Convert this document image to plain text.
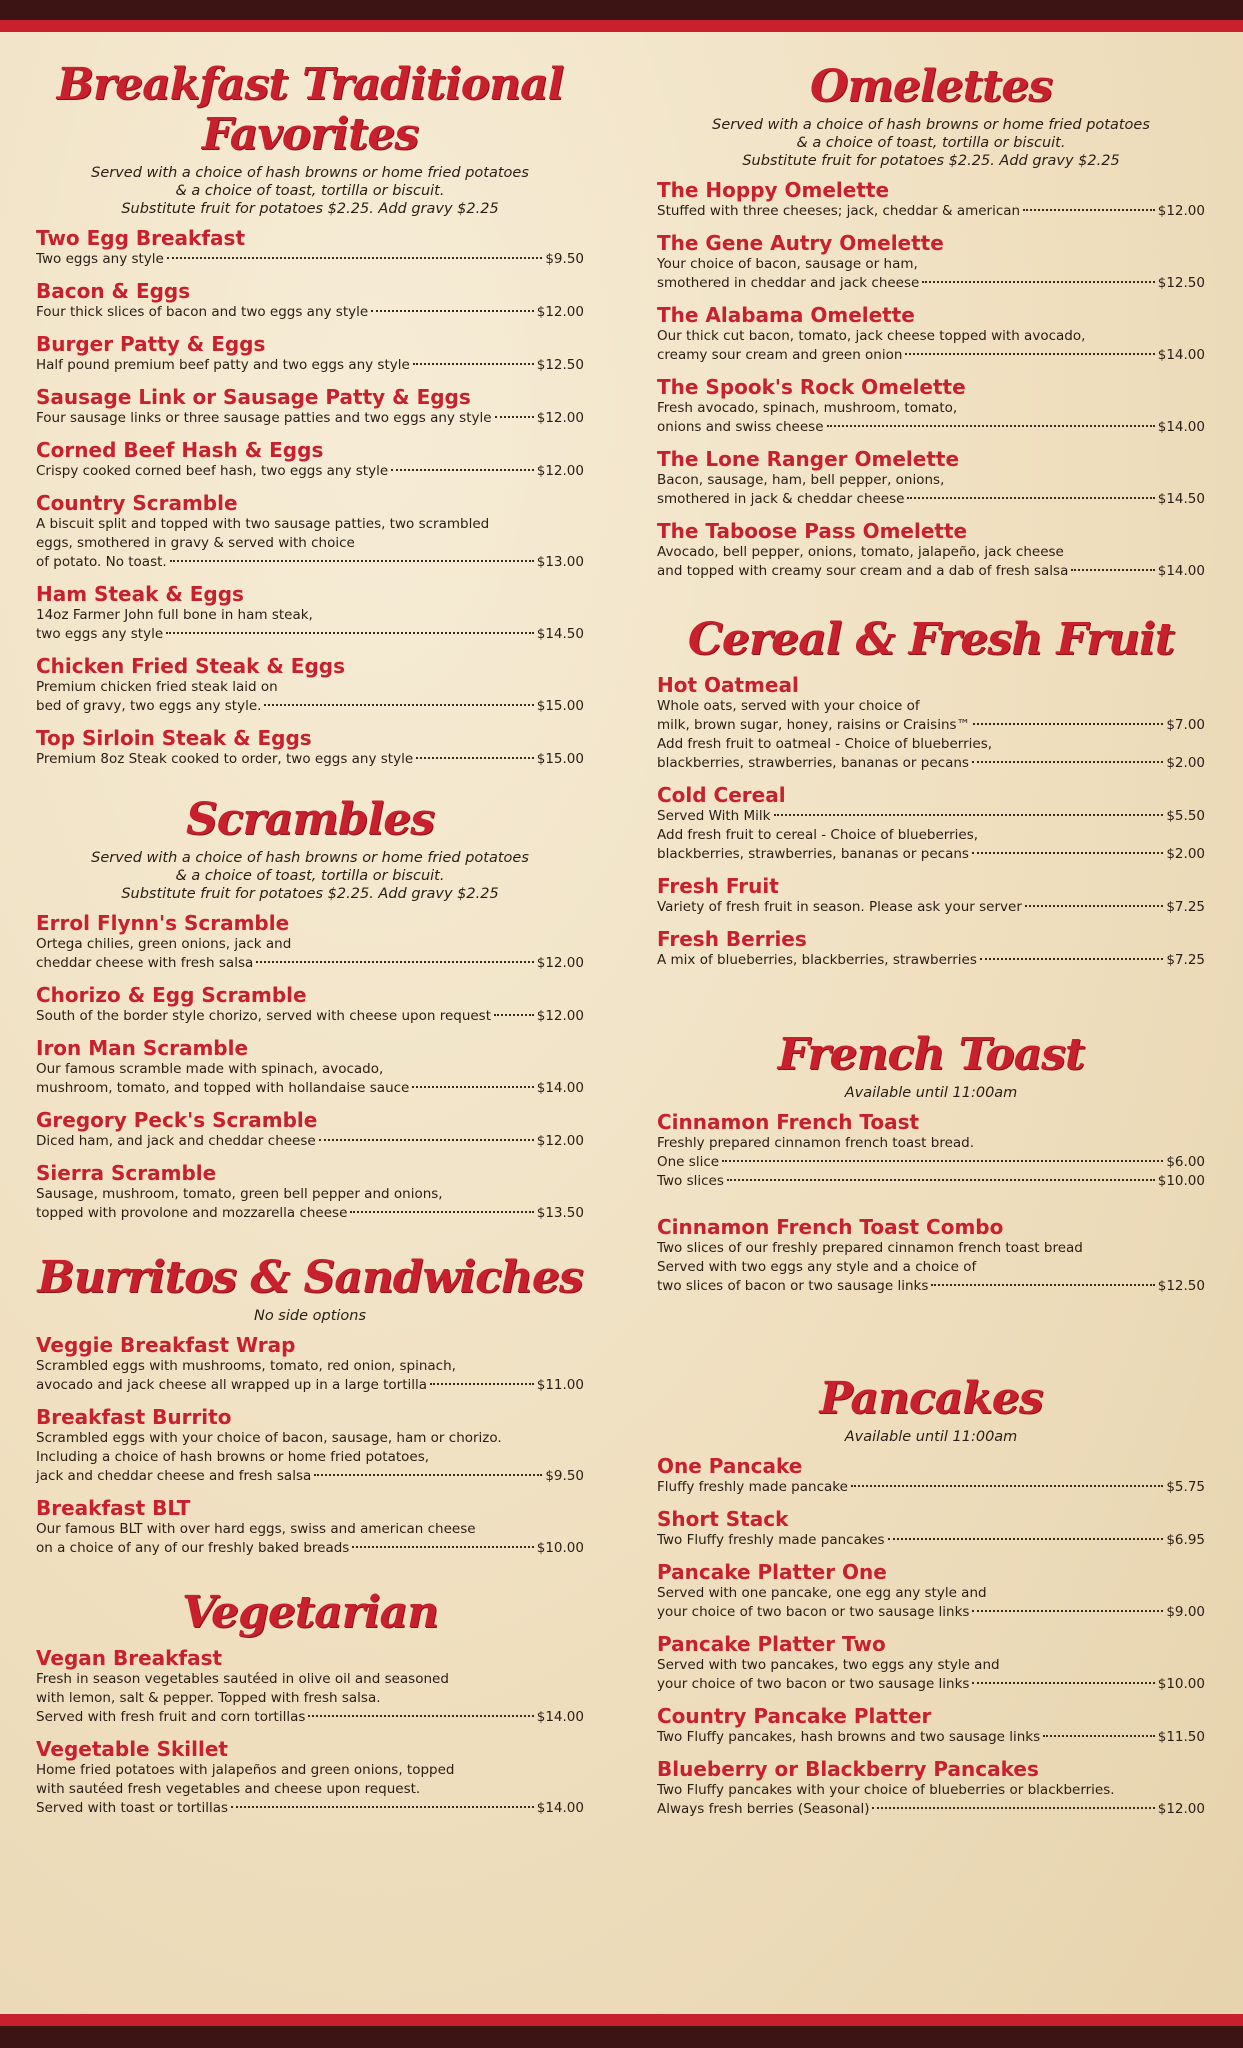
Breakfast Traditional
Favorites

Served with a choice of hash browns or home fried potatoes
& a choice of toast, tortilla or biscuit.
Substitute fruit for potatoes $2.25. Add gravy $2.25

Two Egg Breakfast
Two eggs any style	$9.50
Bacon & Eggs
Four thick slices of bacon and two eggs any style	$12.00
Burger Patty & Eggs
Half pound premium beef patty and two eggs any style	$12.50
Sausage Link or Sausage Patty & Eggs
Four sausage links or three sausage patties and two eggs any style	$12.00
Corned Beef Hash & Eggs
Crispy cooked corned beef hash, two eggs any style	$12.00
Country Scramble
A biscuit split and topped with two sausage patties, two scrambled
eggs, smothered in gravy & served with choice
of potato. No toast.	$13.00
Ham Steak & Eggs
14oz Farmer John full bone in ham steak,
two eggs any style	$14.50
Chicken Fried Steak & Eggs
Premium chicken fried steak laid on
bed of gravy, two eggs any style.	$15.00
Top Sirloin Steak & Eggs
Premium 8oz Steak cooked to order, two eggs any style	$15.00
Scrambles

Served with a choice of hash browns or home fried potatoes
& a choice of toast, tortilla or biscuit.
Substitute fruit for potatoes $2.25. Add gravy $2.25

Errol Flynn's Scramble
Ortega chilies, green onions, jack and
cheddar cheese with fresh salsa	$12.00
Chorizo & Egg Scramble
South of the border style chorizo, served with cheese upon request	$12.00
Iron Man Scramble
Our famous scramble made with spinach, avocado,
mushroom, tomato, and topped with hollandaise sauce	$14.00
Gregory Peck's Scramble
Diced ham, and jack and cheddar cheese	$12.00
Sierra Scramble
Sausage, mushroom, tomato, green bell pepper and onions,
topped with provolone and mozzarella cheese	$13.50
Burritos & Sandwiches

No side options

Veggie Breakfast Wrap
Scrambled eggs with mushrooms, tomato, red onion, spinach,
avocado and jack cheese all wrapped up in a large tortilla	$11.00
Breakfast Burrito
Scrambled eggs with your choice of bacon, sausage, ham or chorizo.
Including a choice of hash browns or home fried potatoes,
jack and cheddar cheese and fresh salsa	$9.50
Breakfast BLT
Our famous BLT with over hard eggs, swiss and american cheese
on a choice of any of our freshly baked breads	$10.00
Vegetarian
Vegan Breakfast
Fresh in season vegetables sautéed in olive oil and seasoned
with lemon, salt & pepper. Topped with fresh salsa.
Served with fresh fruit and corn tortillas	$14.00
Vegetable Skillet
Home fried potatoes with jalapeños and green onions, topped
with sautéed fresh vegetables and cheese upon request.
Served with toast or tortillas	$14.00
Omelettes

Served with a choice of hash browns or home fried potatoes
& a choice of toast, tortilla or biscuit.
Substitute fruit for potatoes $2.25. Add gravy $2.25

The Hoppy Omelette
Stuffed with three cheeses; jack, cheddar & american	$12.00
The Gene Autry Omelette
Your choice of bacon, sausage or ham,
smothered in cheddar and jack cheese	$12.50
The Alabama Omelette
Our thick cut bacon, tomato, jack cheese topped with avocado,
creamy sour cream and green onion	$14.00
The Spook's Rock Omelette
Fresh avocado, spinach, mushroom, tomato,
onions and swiss cheese	$14.00
The Lone Ranger Omelette
Bacon, sausage, ham, bell pepper, onions,
smothered in jack & cheddar cheese	$14.50
The Taboose Pass Omelette
Avocado, bell pepper, onions, tomato, jalapeño, jack cheese
and topped with creamy sour cream and a dab of fresh salsa	$14.00
Cereal & Fresh Fruit
Hot Oatmeal
Whole oats, served with your choice of
milk, brown sugar, honey, raisins or Craisins™	$7.00
Add fresh fruit to oatmeal - Choice of blueberries,
blackberries, strawberries, bananas or pecans	$2.00
Cold Cereal
Served With Milk	$5.50
Add fresh fruit to cereal - Choice of blueberries,
blackberries, strawberries, bananas or pecans	$2.00
Fresh Fruit
Variety of fresh fruit in season. Please ask your server	$7.25
Fresh Berries
A mix of blueberries, blackberries, strawberries	$7.25
French Toast

Available until 11:00am

Cinnamon French Toast
Freshly prepared cinnamon french toast bread.
One slice	$6.00
Two slices	$10.00
Cinnamon French Toast Combo
Two slices of our freshly prepared cinnamon french toast bread
Served with two eggs any style and a choice of
two slices of bacon or two sausage links	$12.50
Pancakes

Available until 11:00am

One Pancake
Fluffy freshly made pancake	$5.75
Short Stack
Two Fluffy freshly made pancakes	$6.95
Pancake Platter One
Served with one pancake, one egg any style and
your choice of two bacon or two sausage links	$9.00
Pancake Platter Two
Served with two pancakes, two eggs any style and
your choice of two bacon or two sausage links	$10.00
Country Pancake Platter
Two Fluffy pancakes, hash browns and two sausage links	$11.50
Blueberry or Blackberry Pancakes
Two Fluffy pancakes with your choice of blueberries or blackberries.
Always fresh berries (Seasonal)	$12.00
